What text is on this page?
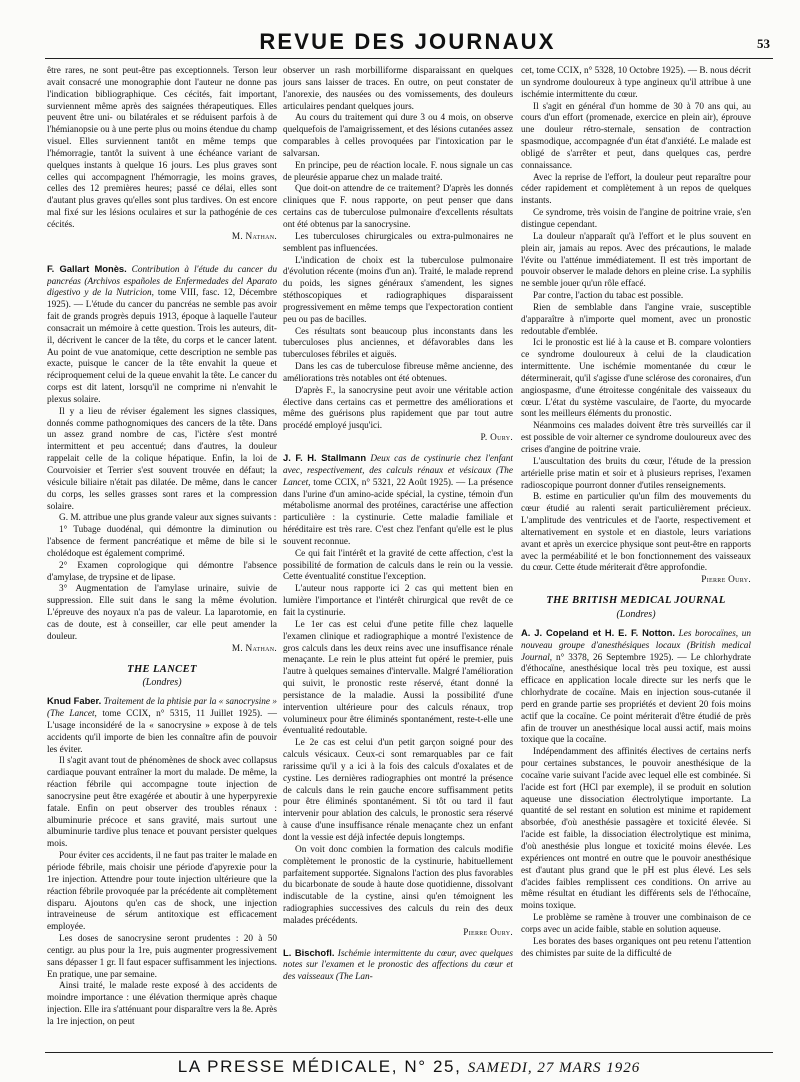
REVUE DES JOURNAUX	53

être rares, ne sont peut-être pas exceptionnels. Terson leur avait consacré une monographie dont l'auteur ne donne pas l'indication bibliographique. Ces cécités, fait important, surviennent même après des saignées thérapeutiques. Elles peuvent être uni- ou bilatérales et se réduisent parfois à de l'hémianopsie ou à une perte plus ou moins étendue du champ visuel. Elles surviennent tantôt en même temps que l'hémorragie, tantôt la suivent à une échéance variant de quelques instants à quelque 16 jours. Les plus graves sont celles qui accompagnent l'hémorragie, les moins graves, celles des 12 premières heures; passé ce délai, elles sont d'autant plus graves qu'elles sont plus tardives. On est encore mal fixé sur les lésions oculaires et sur la pathogénie de ces cécités.

M. Nathan.

F. Gallart Monès. Contribution à l'étude du cancer du pancréas (Archivos españoles de Enfermedades del Aparato digestivo y de la Nutricion, tome VIII, fasc. 12, Décembre 1925). — L'étude du cancer du pancréas ne semble pas avoir fait de grands progrès depuis 1913, époque à laquelle l'auteur consacrait un mémoire à cette question. Trois les auteurs, dit-il, décrivent le cancer de la tête, du corps et le cancer latent. Au point de vue anatomique, cette description ne semble pas exacte, puisque le cancer de la tête envahit la queue et réciproquement celui de la queue envahit la tête. Le cancer du corps est dit latent, lorsqu'il ne comprime ni n'envahit le plexus solaire.

Il y a lieu de réviser également les signes classiques, donnés comme pathognomiques des cancers de la tête. Dans un assez grand nombre de cas, l'ictère s'est montré intermittent et peu accentué; dans d'autres, la douleur rappelait celle de la colique hépatique. Enfin, la loi de Courvoisier et Terrier s'est souvent trouvée en défaut; la vésicule biliaire n'était pas dilatée. De même, dans le cancer du corps, les selles grasses sont rares et la compression solaire.

G. M. attribue une plus grande valeur aux signes suivants :

1° Tubage duodénal, qui démontre la diminution ou l'absence de ferment pancréatique et même de bile si le cholédoque est également comprimé.

2° Examen coprologique qui démontre l'absence d'amylase, de trypsine et de lipase.

3° Augmentation de l'amylase urinaire, suivie de suppression. Elle suit dans le sang la même évolution. L'épreuve des noyaux n'a pas de valeur. La laparotomie, en cas de doute, est à conseiller, car elle peut amender la douleur.

M. Nathan.
THE LANCET
(Londres)

Knud Faber. Traitement de la phtisie par la « sanocrysine » (The Lancet, tome CCIX, n° 5315, 11 Juillet 1925). — L'usage inconsidéré de la « sanocrysine » expose à de tels accidents qu'il importe de bien les connaître afin de pouvoir les éviter.

Il s'agit avant tout de phénomènes de shock avec collapsus cardiaque pouvant entraîner la mort du malade. De même, la réaction fébrile qui accompagne toute injection de sanocrysine peut être exagérée et aboutir à une hyperpyrexie fatale. Enfin on peut observer des troubles rénaux : albuminurie précoce et sans gravité, mais surtout une albuminurie tardive plus tenace et pouvant persister quelques mois.

Pour éviter ces accidents, il ne faut pas traiter le malade en période fébrile, mais choisir une période d'apyrexie pour la 1re injection. Attendre pour toute injection ultérieure que la réaction fébrile provoquée par la précédente ait complètement disparu. Ajoutons qu'en cas de shock, une injection intraveineuse de sérum antitoxique est efficacement employée.

Les doses de sanocrysine seront prudentes : 20 à 50 centigr. au plus pour la 1re, puis augmenter progressivement sans dépasser 1 gr. Il faut espacer suffisamment les injections. En pratique, une par semaine.

Ainsi traité, le malade reste exposé à des accidents de moindre importance : une élévation thermique après chaque injection. Elle ira s'atténuant pour disparaître vers la 8e. Après la 1re injection, on peut

observer un rash morbilliforme disparaissant en quelques jours sans laisser de traces. En outre, on peut constater de l'anorexie, des nausées ou des vomissements, des douleurs articulaires pendant quelques jours.

Au cours du traitement qui dure 3 ou 4 mois, on observe quelquefois de l'amaigrissement, et des lésions cutanées assez comparables à celles provoquées par l'intoxication par le salvarsan.

En principe, peu de réaction locale. F. nous signale un cas de pleurésie apparue chez un malade traité.

Que doit-on attendre de ce traitement? D'après les donnés cliniques que F. nous rapporte, on peut penser que dans certains cas de tuberculose pulmonaire d'excellents résultats ont été obtenus par la sanocrysine.

Les tuberculoses chirurgicales ou extra-pulmonaires ne semblent pas influencées.

L'indication de choix est la tuberculose pulmonaire d'évolution récente (moins d'un an). Traité, le malade reprend du poids, les signes généraux s'amendent, les signes stéthoscopiques et radiographiques disparaissent progressivement en même temps que l'expectoration contient peu ou pas de bacilles.

Ces résultats sont beaucoup plus inconstants dans les tuberculoses plus anciennes, et défavorables dans les tuberculoses fébriles et aiguës.

Dans les cas de tuberculose fibreuse même ancienne, des améliorations très notables ont été obtenues.

D'après F., la sanocrysine peut avoir une véritable action élective dans certains cas et permettre des améliorations et même des guérisons plus rapidement que par tout autre procédé employé jusqu'ici.

P. Oury.

J. F. H. Stallmann Deux cas de cystinurie chez l'enfant avec, respectivement, des calculs rénaux et vésicaux (The Lancet, tome CCIX, n° 5321, 22 Août 1925). — La présence dans l'urine d'un amino-acide spécial, la cystine, témoin d'un métabolisme anormal des protéines, caractérise une affection particulière : la cystinurie. Cette maladie familiale et héréditaire est très rare. C'est chez l'enfant qu'elle est le plus souvent reconnue.

Ce qui fait l'intérêt et la gravité de cette affection, c'est la possibilité de formation de calculs dans le rein ou la vessie. Cette éventualité constitue l'exception.

L'auteur nous rapporte ici 2 cas qui mettent bien en lumière l'importance et l'intérêt chirurgical que revêt de ce fait la cystinurie.

Le 1er cas est celui d'une petite fille chez laquelle l'examen clinique et radiographique a montré l'existence de gros calculs dans les deux reins avec une insuffisance rénale menaçante. Le rein le plus atteint fut opéré le premier, puis l'autre à quelques semaines d'intervalle. Malgré l'amélioration qui suivit, le pronostic reste réservé, étant donné la persistance de la maladie. Aussi la possibilité d'une intervention ultérieure pour des calculs rénaux, trop volumineux pour être éliminés spontanément, reste-t-elle une éventualité redoutable.

Le 2e cas est celui d'un petit garçon soigné pour des calculs vésicaux. Ceux-ci sont remarquables par ce fait rarissime qu'il y a ici à la fois des calculs d'oxalates et de cystine. Les dernières radiographies ont montré la présence de calculs dans le rein gauche encore suffisamment petits pour être éliminés spontanément. Si tôt ou tard il faut intervenir pour ablation des calculs, le pronostic sera réservé à cause d'une insuffisance rénale menaçante chez un enfant dont la vessie est déjà infectée depuis longtemps.

On voit donc combien la formation des calculs modifie complètement le pronostic de la cystinurie, habituellement parfaitement supportée. Signalons l'action des plus favorables du bicarbonate de soude à haute dose quotidienne, dissolvant indiscutable de la cystine, ainsi qu'en témoignent les radiographies successives des calculs du rein des deux malades précédents.

Pierre Oury.

L. Bischofl. Ischémie intermittente du cœur, avec quelques notes sur l'examen et le pronostic des affections du cœur et des vaisseaux (The Lan-

cet, tome CCIX, n° 5328, 10 Octobre 1925). — B. nous décrit un syndrome douloureux à type angineux qu'il attribue à une ischémie intermittente du cœur.

Il s'agit en général d'un homme de 30 à 70 ans qui, au cours d'un effort (promenade, exercice en plein air), éprouve une douleur rétro-sternale, sensation de contraction spasmodique, accompagnée d'un état d'anxiété. Le malade est obligé de s'arrêter et peut, dans quelques cas, perdre connaissance.

Avec la reprise de l'effort, la douleur peut reparaître pour céder rapidement et complètement à un repos de quelques instants.

Ce syndrome, très voisin de l'angine de poitrine vraie, s'en distingue cependant.

La douleur n'apparaît qu'à l'effort et le plus souvent en plein air, jamais au repos. Avec des précautions, le malade l'évite ou l'atténue immédiatement. Il est très important de pouvoir observer le malade dehors en pleine crise. La syphilis ne semble jouer qu'un rôle effacé.

Par contre, l'action du tabac est possible.

Rien de semblable dans l'angine vraie, susceptible d'apparaître à n'importe quel moment, avec un pronostic redoutable d'emblée.

Ici le pronostic est lié à la cause et B. compare volontiers ce syndrome douloureux à celui de la claudication intermittente. Une ischémie momentanée du cœur le déterminerait, qu'il s'agisse d'une sclérose des coronaires, d'un angiospasme, d'une étroitesse congénitale des vaisseaux du cœur. L'état du système vasculaire, de l'aorte, du myocarde sont les meilleurs éléments du pronostic.

Néanmoins ces malades doivent être très surveillés car il est possible de voir alterner ce syndrome douloureux avec des crises d'angine de poitrine vraie.

L'auscultation des bruits du cœur, l'étude de la pression artérielle prise matin et soir et à plusieurs reprises, l'examen radioscopique pourront donner d'utiles renseignements.

B. estime en particulier qu'un film des mouvements du cœur étudié au ralenti serait particulièrement précieux. L'amplitude des ventricules et de l'aorte, respectivement et alternativement en systole et en diastole, leurs variations avant et après un exercice physique sont peut-être en rapports avec la perméabilité et le bon fonctionnement des vaisseaux du cœur. Cette étude mériterait d'être approfondie.

Pierre Oury.
THE BRITISH MEDICAL JOURNAL
(Londres)

A. J. Copeland et H. E. F. Notton. Les borocaïnes, un nouveau groupe d'anesthésiques locaux (British medical Journal, n° 3378, 26 Septembre 1925). — Le chlorhydrate d'éthocaïne, anesthésique local très peu toxique, est aussi efficace en application locale directe sur les nerfs que le chlorhydrate de cocaïne. Mais en injection sous-cutanée il perd en grande partie ses propriétés et devient 20 fois moins actif que la cocaïne. Ce point mériterait d'être étudié de près afin de trouver un anesthésique local aussi actif, mais moins toxique que la cocaïne.

Indépendamment des affinités électives de certains nerfs pour certaines substances, le pouvoir anesthésique de la cocaïne varie suivant l'acide avec lequel elle est combinée. Si l'acide est fort (HCl par exemple), il se produit en solution aqueuse une dissociation électrolytique importante. La quantité de sel restant en solution est minime et rapidement absorbée, d'où anesthésie passagère et toxicité élevée. Si l'acide est faible, la dissociation électrolytique est minima, d'où anesthésie plus longue et toxicité moins élevée. Les expériences ont montré en outre que le pouvoir anesthésique est d'autant plus grand que le pH est plus élevé. Les sels d'acides faibles remplissent ces conditions. On arrive au même résultat en étudiant les différents sels de l'éthocaïne, moins toxique.

Le problème se ramène à trouver une combinaison de ce corps avec un acide faible, stable en solution aqueuse.

Les borates des bases organiques ont peu retenu l'attention des chimistes par suite de la difficulté de

LA PRESSE MÉDICALE, N° 25, SAMEDI, 27 MARS 1926
